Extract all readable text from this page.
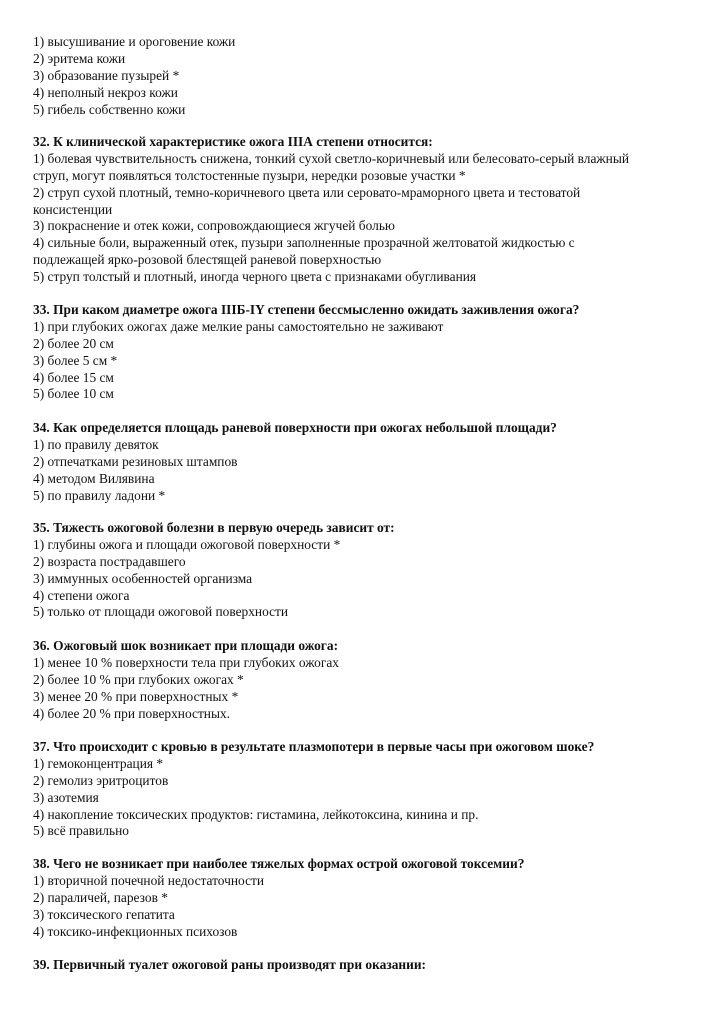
1) высушивание и ороговение кожи
2) эритема кожи
3) образование пузырей *
4) неполный некроз кожи
5) гибель собственно кожи
32. К клинической характеристике ожога IIIА степени относится:
1) болевая чувствительность снижена, тонкий сухой светло-коричневый или белесовато-серый влажный
струп, могут появляться толстостенные пузыри, нередки розовые участки *
2) струп сухой плотный, темно-коричневого цвета или серовато-мраморного цвета и тестоватой
консистенции
3) покраснение и отек кожи, сопровождающиеся жгучей болью
4) сильные боли, выраженный отек, пузыри заполненные прозрачной желтоватой жидкостью с
подлежащей ярко-розовой блестящей раневой поверхностью
5) струп толстый и плотный, иногда черного цвета с признаками обугливания
33. При каком диаметре ожога IIIБ-IY степени бессмысленно ожидать заживления ожога?
1) при глубоких ожогах даже мелкие раны самостоятельно не заживают
2) более 20 см
3) более 5 см *
4) более 15 см
5) более 10 см
34. Как определяется площадь раневой поверхности при ожогах небольшой площади?
1) по правилу девяток
2) отпечатками резиновых штампов
4) методом Вилявина
5) по правилу ладони *
35. Тяжесть ожоговой болезни в первую очередь зависит от:
1) глубины ожога и площади ожоговой поверхности *
2) возраста пострадавшего
3) иммунных особенностей организма
4) степени ожога
5) только от площади ожоговой поверхности
36. Ожоговый шок возникает при площади ожога:
1) менее 10 % поверхности тела при глубоких ожогах
2) более 10 % при глубоких ожогах *
3) менее 20 % при поверхностных *
4) более 20 % при поверхностных.
37. Что происходит с кровью в результате плазмопотери в первые часы при ожоговом шоке?
1) гемоконцентрация *
2) гемолиз эритроцитов
3) азотемия
4) накопление токсических продуктов: гистамина, лейкотоксина, кинина и пр.
5) всё правильно
38. Чего не возникает при наиболее тяжелых формах острой ожоговой токсемии?
1) вторичной почечной недостаточности
2) параличей, парезов *
3) токсического гепатита
4) токсико-инфекционных психозов
39. Первичный туалет ожоговой раны производят при оказании:
